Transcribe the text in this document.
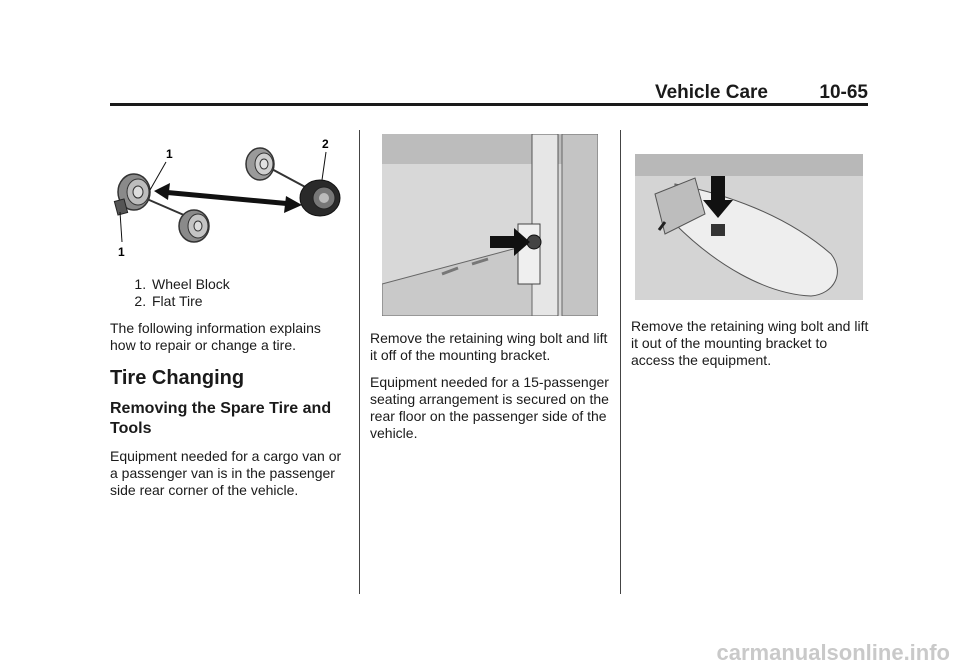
Vehicle Care	10-65
1
2
1
1. Wheel Block
2. Flat Tire

The following information explains how to repair or change a tire.

Tire Changing
Removing the Spare Tire and Tools

Equipment needed for a cargo van or a passenger van is in the passenger side rear corner of the vehicle.

Remove the retaining wing bolt and lift it off of the mounting bracket.

Equipment needed for a 15-passenger seating arrangement is secured on the rear floor on the passenger side of the vehicle.

Remove the retaining wing bolt and lift it out of the mounting bracket to access the equipment.

carmanualsonline.info
